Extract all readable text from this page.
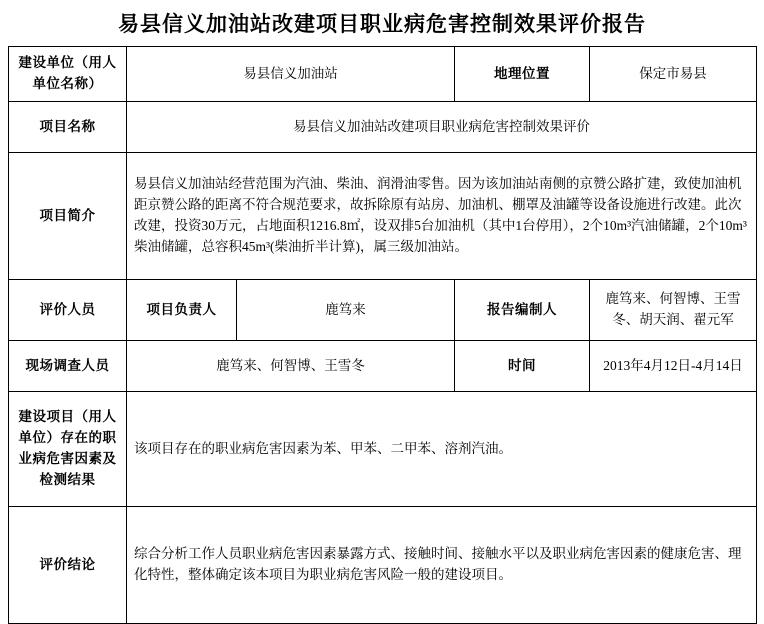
易县信义加油站改建项目职业病危害控制效果评价报告
建设单位（用人单位名称）	易县信义加油站		地理位置	保定市易县
项目名称	易县信义加油站改建项目职业病危害控制效果评价			
项目简介	易县信义加油站经营范围为汽油、柴油、润滑油零售。因为该加油站南侧的京赞公路扩建，致使加油机距京赞公路的距离不符合规范要求，故拆除原有站房、加油机、棚罩及油罐等设备设施进行改建。此次改建，投资30万元，占地面积1216.8㎡，设双排5台加油机（其中1台停用），2个10m³汽油储罐，2个10m³柴油储罐，总容积45m³(柴油折半计算)，属三级加油站。			
评价人员	项目负责人	鹿笃来	报告编制人	鹿笃来、何智博、王雪冬、胡天润、翟元军
现场调查人员	鹿笃来、何智博、王雪冬		时间	2013年4月12日-4月14日
建设项目（用人单位）存在的职业病危害因素及检测结果	该项目存在的职业病危害因素为苯、甲苯、二甲苯、溶剂汽油。			
评价结论	综合分析工作人员职业病危害因素暴露方式、接触时间、接触水平以及职业病危害因素的健康危害、理化特性，整体确定该本项目为职业病危害风险一般的建设项目。			
